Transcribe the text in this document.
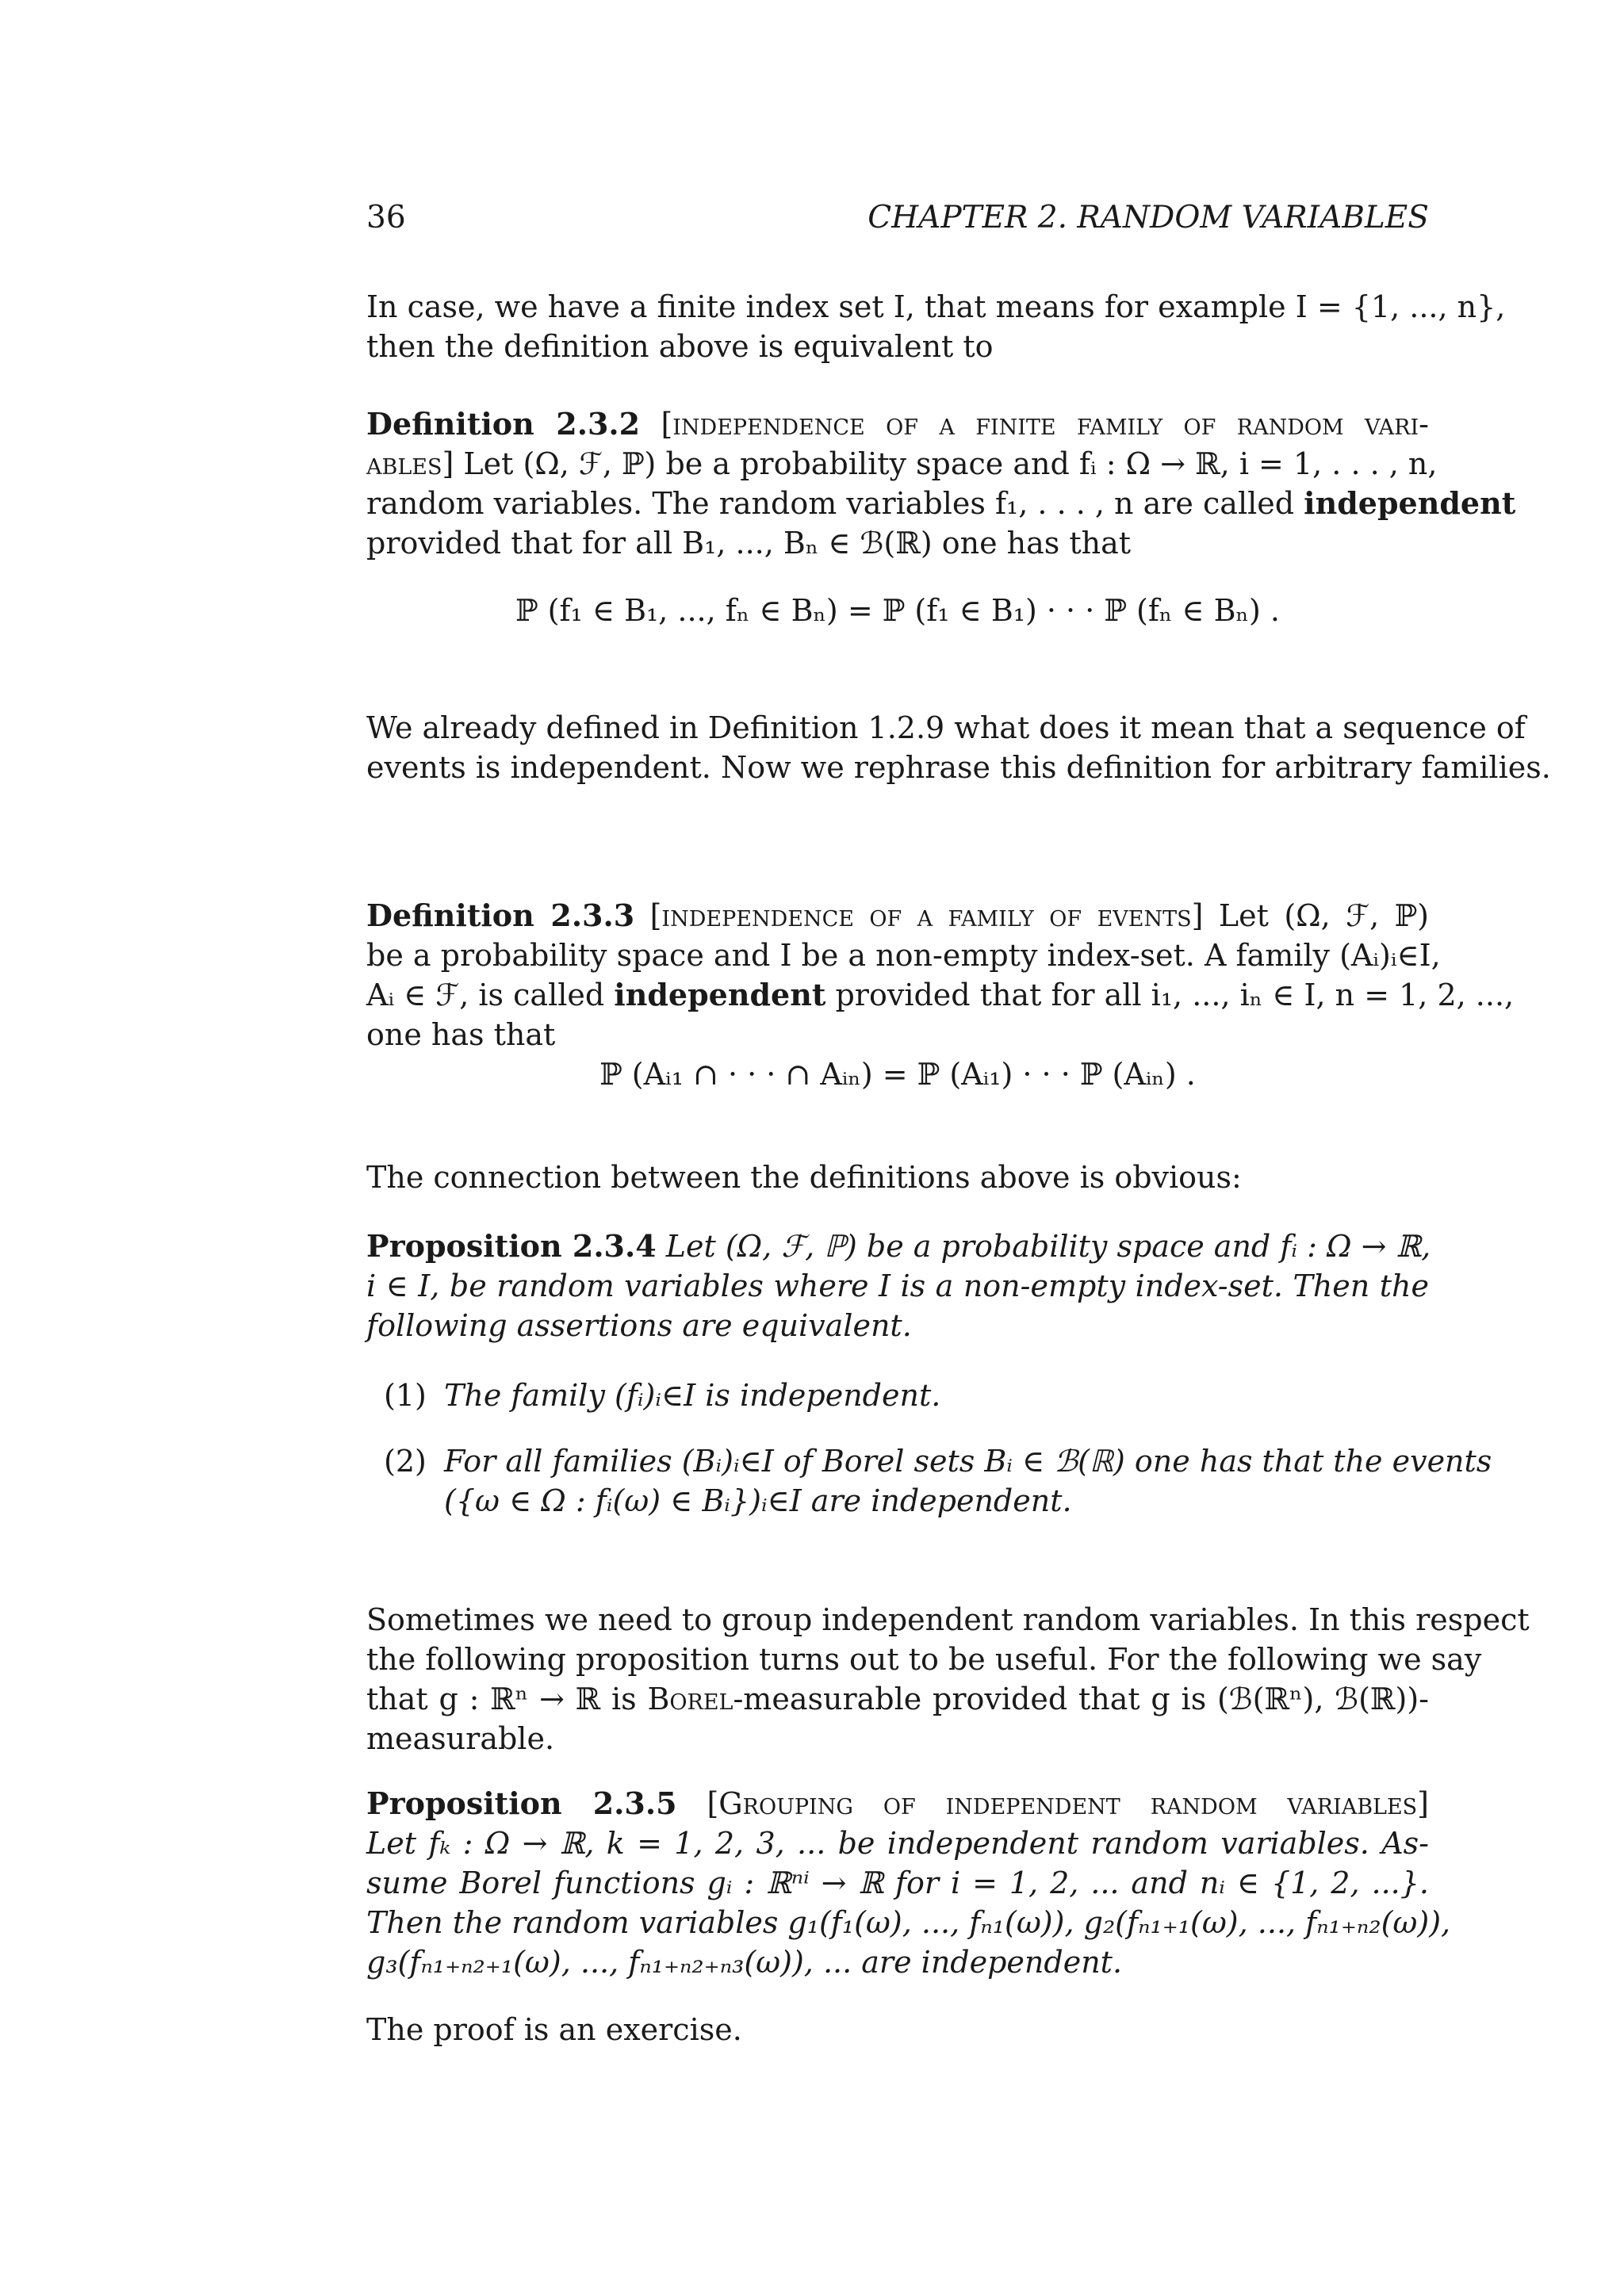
36	CHAPTER 2. RANDOM VARIABLES
In case, we have a finite index set I, that means for example I = {1, ..., n},
then the definition above is equivalent to
Definition 2.3.2 [independence of a finite family of random vari-
ables] Let (Ω, ℱ, ℙ) be a probability space and fᵢ : Ω → ℝ, i = 1, . . . , n,
random variables. The random variables f₁, . . . , n are called independent
provided that for all B₁, ..., Bₙ ∈ ℬ(ℝ) one has that
ℙ (f₁ ∈ B₁, ..., fₙ ∈ Bₙ) = ℙ (f₁ ∈ B₁) · · · ℙ (fₙ ∈ Bₙ) .
We already defined in Definition 1.2.9 what does it mean that a sequence of
events is independent. Now we rephrase this definition for arbitrary families.
Definition 2.3.3 [independence of a family of events] Let (Ω, ℱ, ℙ)
be a probability space and I be a non-empty index-set. A family (Aᵢ)ᵢ∈I,
Aᵢ ∈ ℱ, is called independent provided that for all i₁, ..., iₙ ∈ I, n = 1, 2, ...,
one has that
ℙ (Aᵢ₁ ∩ · · · ∩ Aᵢₙ) = ℙ (Aᵢ₁) · · · ℙ (Aᵢₙ) .
The connection between the definitions above is obvious:
Proposition 2.3.4 Let (Ω, ℱ, ℙ) be a probability space and fᵢ : Ω → ℝ,
i ∈ I, be random variables where I is a non-empty index-set. Then the
following assertions are equivalent.
(1) The family (fᵢ)ᵢ∈I is independent.
(2) For all families (Bᵢ)ᵢ∈I of Borel sets Bᵢ ∈ ℬ(ℝ) one has that the events
({ω ∈ Ω : fᵢ(ω) ∈ Bᵢ})ᵢ∈I are independent.
Sometimes we need to group independent random variables. In this respect
the following proposition turns out to be useful. For the following we say
that g : ℝⁿ → ℝ is Borel-measurable provided that g is (ℬ(ℝⁿ), ℬ(ℝ))-
measurable.
Proposition 2.3.5 [Grouping of independent random variables]
Let fₖ : Ω → ℝ, k = 1, 2, 3, ... be independent random variables. As-
sume Borel functions gᵢ : ℝⁿⁱ → ℝ for i = 1, 2, ... and nᵢ ∈ {1, 2, ...}.
Then the random variables g₁(f₁(ω), ..., fₙ₁(ω)), g₂(fₙ₁₊₁(ω), ..., fₙ₁₊ₙ₂(ω)),
g₃(fₙ₁₊ₙ₂₊₁(ω), ..., fₙ₁₊ₙ₂₊ₙ₃(ω)), ... are independent.
The proof is an exercise.
